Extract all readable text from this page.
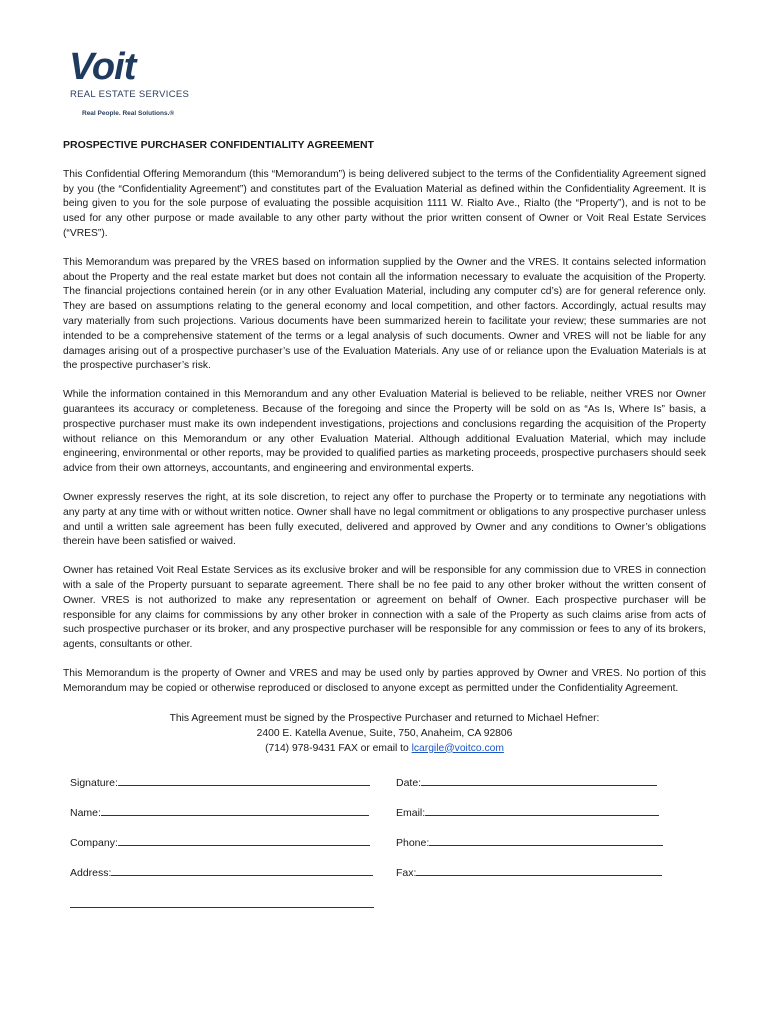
Voit
REAL ESTATE SERVICES
Real People. Real Solutions.®
PROSPECTIVE PURCHASER CONFIDENTIALITY AGREEMENT

This Confidential Offering Memorandum (this “Memorandum”) is being delivered subject to the terms of the Confidentiality Agreement signed by you (the “Confidentiality Agreement”) and constitutes part of the Evaluation Material as defined within the Confidentiality Agreement. It is being given to you for the sole purpose of evaluating the possible acquisition 1111 W. Rialto Ave., Rialto (the “Property”), and is not to be used for any other purpose or made available to any other party without the prior written consent of Owner or Voit Real Estate Services (“VRES”).

This Memorandum was prepared by the VRES based on information supplied by the Owner and the VRES. It contains selected information about the Property and the real estate market but does not contain all the information necessary to evaluate the acquisition of the Property. The financial projections contained herein (or in any other Evaluation Material, including any computer cd’s) are for general reference only. They are based on assumptions relating to the general economy and local competition, and other factors. Accordingly, actual results may vary materially from such projections. Various documents have been summarized herein to facilitate your review; these summaries are not intended to be a comprehensive statement of the terms or a legal analysis of such documents. Owner and VRES will not be liable for any damages arising out of a prospective purchaser’s use of the Evaluation Materials. Any use of or reliance upon the Evaluation Materials is at the prospective purchaser’s risk.

While the information contained in this Memorandum and any other Evaluation Material is believed to be reliable, neither VRES nor Owner guarantees its accuracy or completeness. Because of the foregoing and since the Property will be sold on as “As Is, Where Is” basis, a prospective purchaser must make its own independent investigations, projections and conclusions regarding the acquisition of the Property without reliance on this Memorandum or any other Evaluation Material. Although additional Evaluation Material, which may include engineering, environmental or other reports, may be provided to qualified parties as marketing proceeds, prospective purchasers should seek advice from their own attorneys, accountants, and engineering and environmental experts.

Owner expressly reserves the right, at its sole discretion, to reject any offer to purchase the Property or to terminate any negotiations with any party at any time with or without written notice. Owner shall have no legal commitment or obligations to any prospective purchaser unless and until a written sale agreement has been fully executed, delivered and approved by Owner and any conditions to Owner’s obligations therein have been satisfied or waived.

Owner has retained Voit Real Estate Services as its exclusive broker and will be responsible for any commission due to VRES in connection with a sale of the Property pursuant to separate agreement. There shall be no fee paid to any other broker without the written consent of Owner. VRES is not authorized to make any representation or agreement on behalf of Owner. Each prospective purchaser will be responsible for any claims for commissions by any other broker in connection with a sale of the Property as such claims arise from acts of such prospective purchaser or its broker, and any prospective purchaser will be responsible for any commission or fees to any of its brokers, agents, consultants or other.

This Memorandum is the property of Owner and VRES and may be used only by parties approved by Owner and VRES. No portion of this Memorandum may be copied or otherwise reproduced or disclosed to anyone except as permitted under the Confidentiality Agreement.

This Agreement must be signed by the Prospective Purchaser and returned to Michael Hefner:
2400 E. Katella Avenue, Suite, 750, Anaheim, CA 92806
(714) 978-9431 FAX or email to lcargile@voitco.com
Signature:	Date:
Name:	Email:
Company:	Phone:
Address:	Fax:
